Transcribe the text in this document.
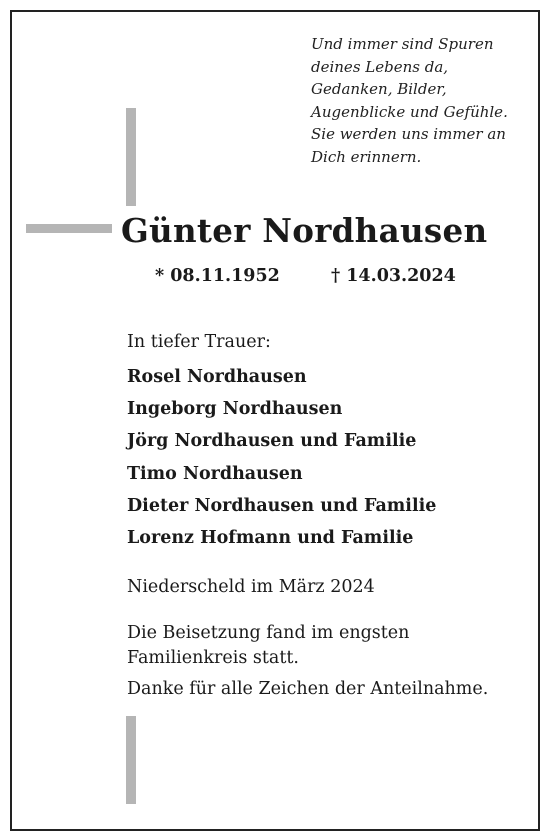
Und immer sind Spuren
deines Lebens da,
Gedanken, Bilder,
Augenblicke und Gefühle.
Sie werden uns immer an
Dich erinnern.

Günter Nordhausen

* 08.11.1952	† 14.03.2024

In tiefer Trauer:

Rosel Nordhausen
Ingeborg Nordhausen
Jörg Nordhausen und Familie
Timo Nordhausen
Dieter Nordhausen und Familie
Lorenz Hofmann und Familie

Niederscheld im März 2024

Die Beisetzung fand im engsten
Familienkreis statt.

Danke für alle Zeichen der Anteilnahme.
